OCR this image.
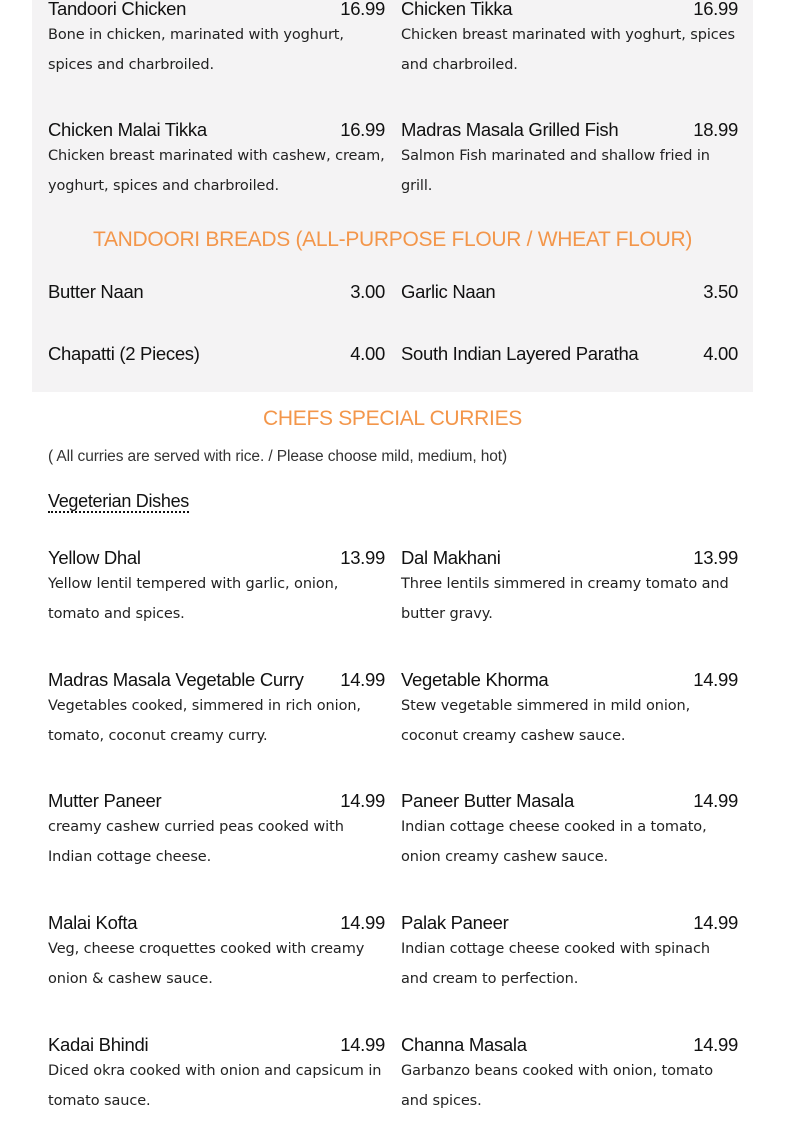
Tandoori Chicken	16.99
Bone in chicken, marinated with yoghurt, spices and charbroiled.
Chicken Tikka	16.99
Chicken breast marinated with yoghurt, spices and charbroiled.
Chicken Malai Tikka	16.99
Chicken breast marinated with cashew, cream, yoghurt, spices and charbroiled.
Madras Masala Grilled Fish	18.99
Salmon Fish marinated and shallow fried in grill.
TANDOORI BREADS (ALL-PURPOSE FLOUR / WHEAT FLOUR)
Butter Naan	3.00 Garlic Naan	3.50
Chapatti (2 Pieces)	4.00 South Indian Layered Paratha	4.00
CHEFS SPECIAL CURRIES
( All curries are served with rice. / Please choose mild, medium, hot)
Vegeterian Dishes
Yellow Dhal	13.99
Yellow lentil tempered with garlic, onion, tomato and spices.
Dal Makhani	13.99
Three lentils simmered in creamy tomato and butter gravy.
Madras Masala Vegetable Curry 14.99
Vegetables cooked, simmered in rich onion, tomato, coconut creamy curry.
Vegetable Khorma	14.99
Stew vegetable simmered in mild onion, coconut creamy cashew sauce.
Mutter Paneer	14.99
creamy cashew curried peas cooked with Indian cottage cheese.
Paneer Butter Masala	14.99
Indian cottage cheese cooked in a tomato, onion creamy cashew sauce.
Malai Kofta	14.99
Veg, cheese croquettes cooked with creamy onion & cashew sauce.
Palak Paneer	14.99
Indian cottage cheese cooked with spinach and cream to perfection.
Kadai Bhindi	14.99
Diced okra cooked with onion and capsicum in tomato sauce.
Channa Masala	14.99
Garbanzo beans cooked with onion, tomato and spices.
